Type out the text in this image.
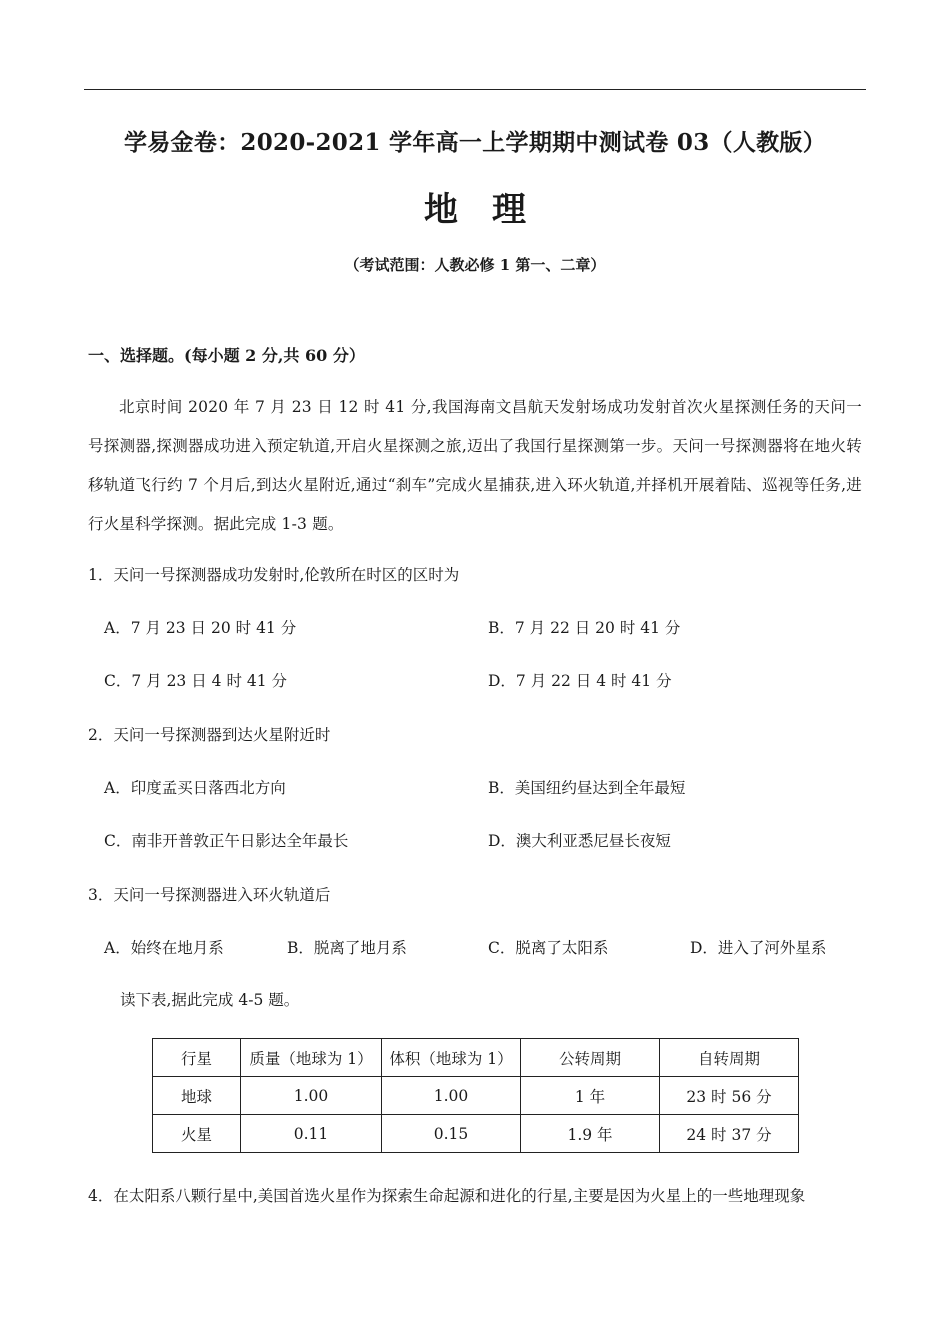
学易金卷：2020-2021 学年高一上学期期中测试卷 03（人教版）
地理
（考试范围：人教必修 1 第一、二章）
一、选择题。(每小题 2 分,共 60 分）
北京时间 2020 年 7 月 23 日 12 时 41 分,我国海南文昌航天发射场成功发射首次火星探测任务的天问一号探测器,探测器成功进入预定轨道,开启火星探测之旅,迈出了我国行星探测第一步。天问一号探测器将在地火转移轨道飞行约 7 个月后,到达火星附近,通过“刹车”完成火星捕获,进入环火轨道,并择机开展着陆、巡视等任务,进行火星科学探测。据此完成 1-3 题。
1．天问一号探测器成功发射时,伦敦所在时区的区时为
A．7 月 23 日 20 时 41 分	B．7 月 22 日 20 时 41 分
C．7 月 23 日 4 时 41 分	D．7 月 22 日 4 时 41 分
2．天问一号探测器到达火星附近时
A．印度孟买日落西北方向	B．美国纽约昼达到全年最短
C．南非开普敦正午日影达全年最长	D．澳大利亚悉尼昼长夜短
3．天问一号探测器进入环火轨道后
A．始终在地月系	B．脱离了地月系	C．脱离了太阳系	D．进入了河外星系
读下表,据此完成 4-5 题。
行星	质量（地球为 1）	体积（地球为 1）	公转周期	自转周期
地球	1.00	1.00	1 年	23 时 56 分
火星	0.11	0.15	1.9 年	24 时 37 分
4．在太阳系八颗行星中,美国首选火星作为探索生命起源和进化的行星,主要是因为火星上的一些地理现象
